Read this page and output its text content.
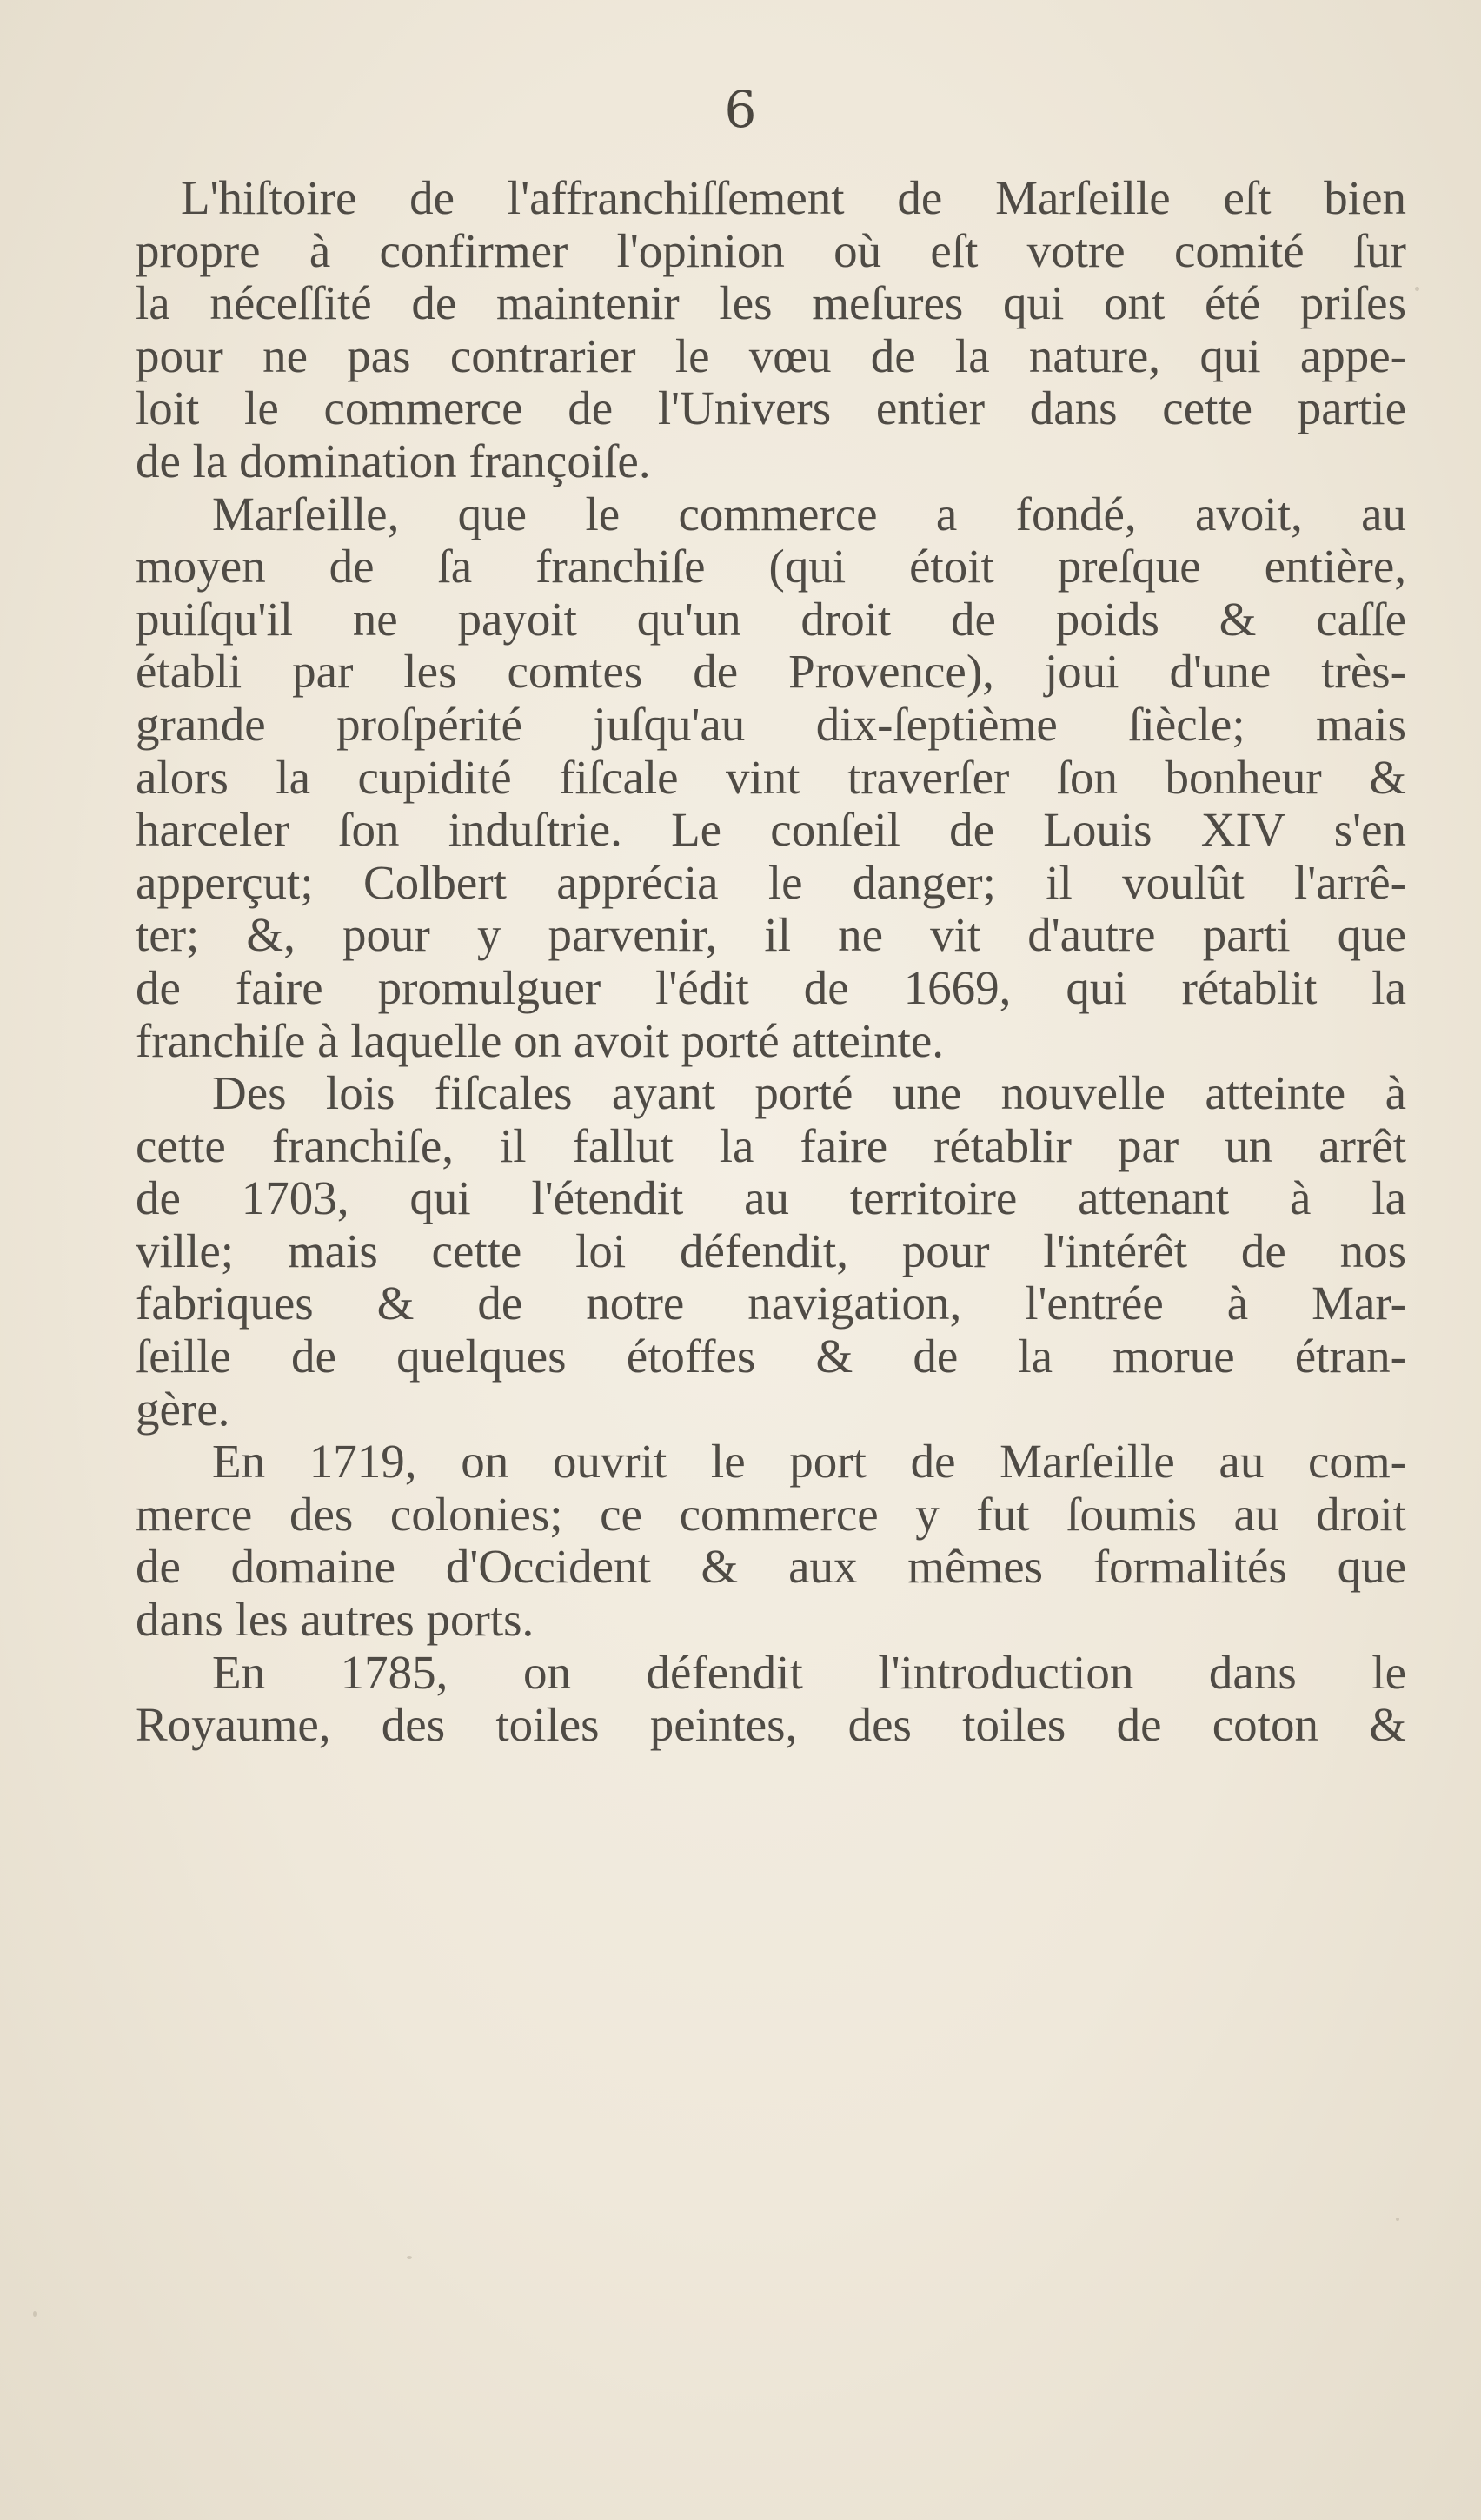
6

L'hiſtoire de l'affranchiſſement de Marſeille eſt bien
propre à confirmer l'opinion où eſt votre comité ſur
la néceſſité de maintenir les meſures qui ont été priſes
pour ne pas contrarier le vœu de la nature, qui appe-
loit le commerce de l'Univers entier dans cette partie
de la domination françoiſe.
Marſeille, que le commerce a fondé, avoit, au
moyen de ſa franchiſe (qui étoit preſque entière,
puiſqu'il ne payoit qu'un droit de poids & caſſe
établi par les comtes de Provence), joui d'une très-
grande proſpérité juſqu'au dix-ſeptième ſiècle; mais
alors la cupidité fiſcale vint traverſer ſon bonheur &
harceler ſon induſtrie. Le conſeil de Louis XIV s'en
apperçut; Colbert apprécia le danger; il voulût l'arrê-
ter; &, pour y parvenir, il ne vit d'autre parti que
de faire promulguer l'édit de 1669, qui rétablit la
franchiſe à laquelle on avoit porté atteinte.
Des lois fiſcales ayant porté une nouvelle atteinte à
cette franchiſe, il fallut la faire rétablir par un arrêt
de 1703, qui l'étendit au territoire attenant à la
ville; mais cette loi défendit, pour l'intérêt de nos
fabriques & de notre navigation, l'entrée à Mar-
ſeille de quelques étoffes & de la morue étran-
gère.
En 1719, on ouvrit le port de Marſeille au com-
merce des colonies; ce commerce y fut ſoumis au droit
de domaine d'Occident & aux mêmes formalités que
dans les autres ports.
En 1785, on défendit l'introduction dans le
Royaume, des toiles peintes, des toiles de coton &
